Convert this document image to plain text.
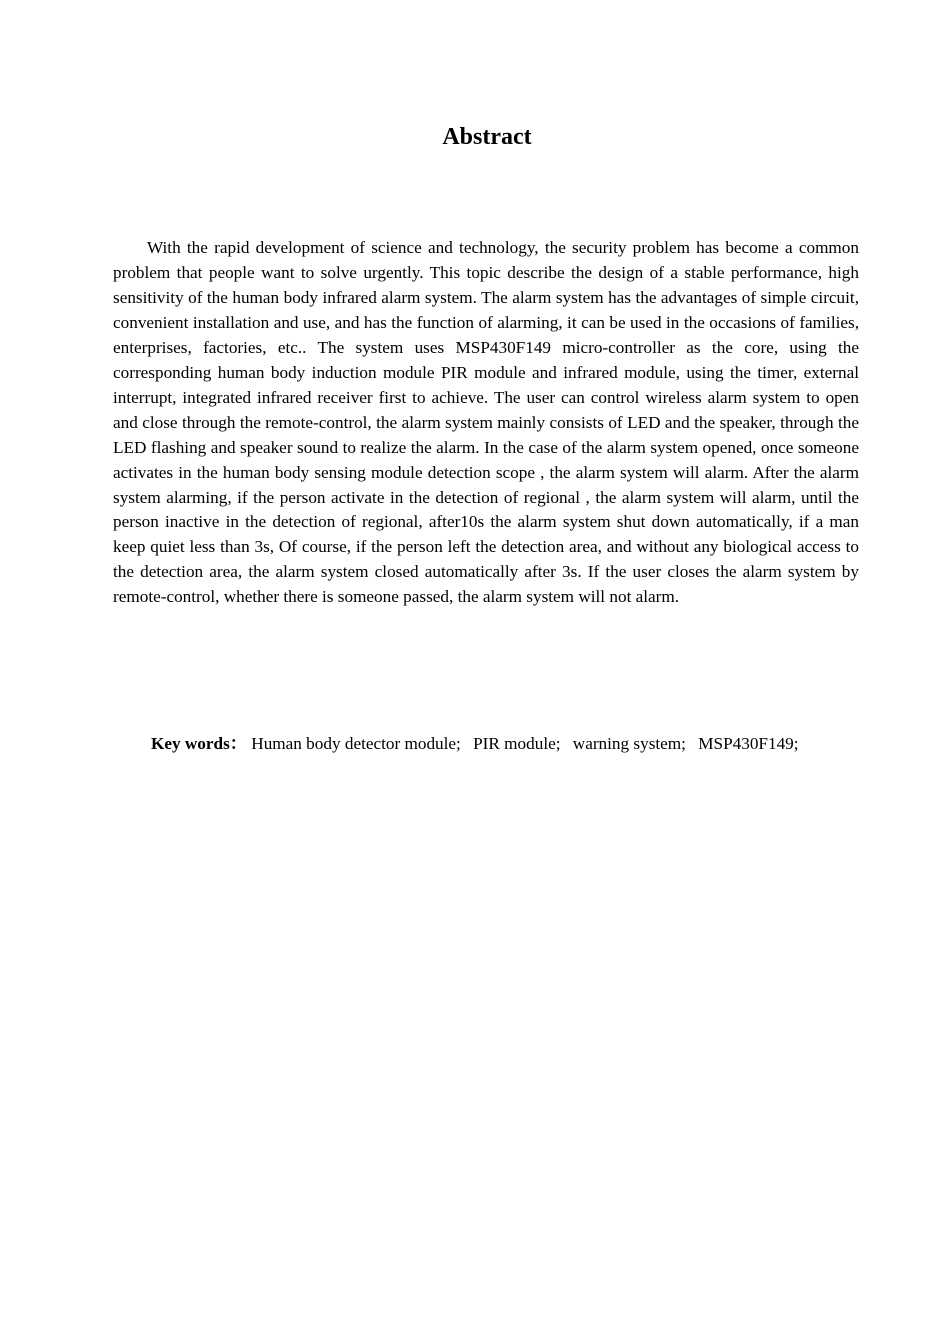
Abstract

With the rapid development of science and technology, the security problem has become a common problem that people want to solve urgently. This topic describe the design of a stable performance, high sensitivity of the human body infrared alarm system. The alarm system has the advantages of simple circuit, convenient installation and use, and has the function of alarming, it can be used in the occasions of families, enterprises, factories, etc.. The system uses MSP430F149 micro-controller as the core, using the corresponding human body induction module PIR module and infrared module, using the timer, external interrupt, integrated infrared receiver first to achieve. The user can control wireless alarm system to open and close through the remote-control, the alarm system mainly consists of LED and the speaker, through the LED flashing and speaker sound to realize the alarm. In the case of the alarm system opened, once someone activates in the human body sensing module detection scope , the alarm system will alarm. After the alarm system alarming, if the person activate in the detection of regional , the alarm system will alarm, until the person inactive in the detection of regional, after10s the alarm system shut down automatically, if a man keep quiet less than 3s, Of course, if the person left the detection area, and without any biological access to the detection area, the alarm system closed automatically after 3s. If the user closes the alarm system by remote-control, whether there is someone passed, the alarm system will not alarm.

Key words： Human body detector module; PIR module; warning system; MSP430F149;
